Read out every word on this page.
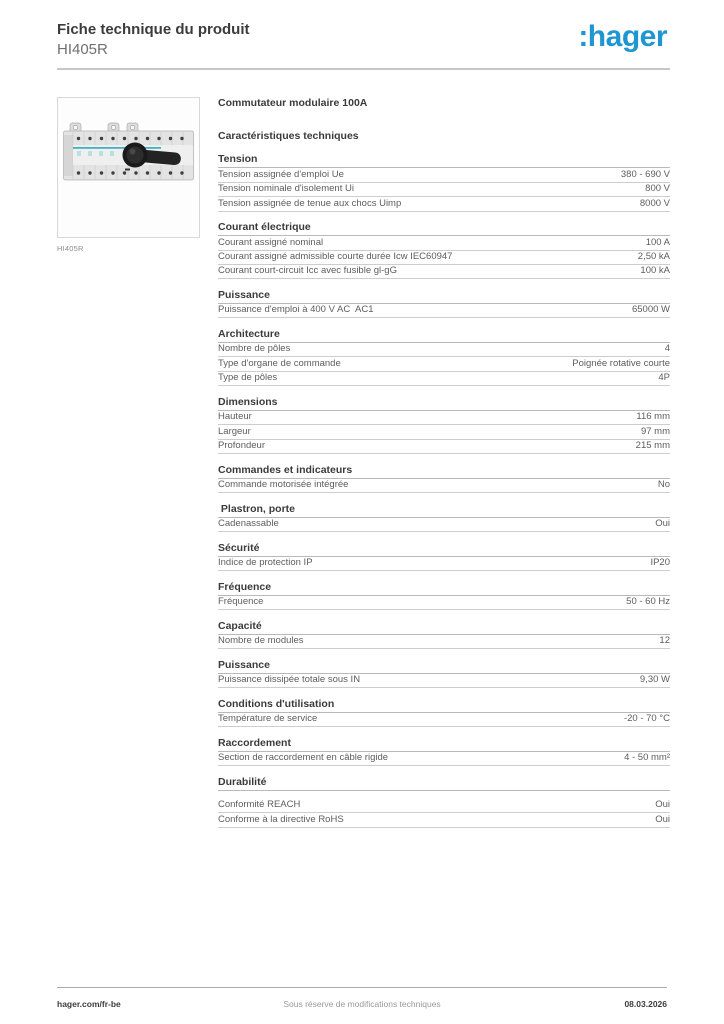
Fiche technique du produit
HI405R	:hager
HI405R
Commutateur modulaire 100A
Caractéristiques techniques
Tension
Tension assignée d'emploi Ue	380 - 690 V
Tension nominale d'isolement Ui	800 V
Tension assignée de tenue aux chocs Uimp	8000 V
Courant électrique
Courant assigné nominal	100 A
Courant assigné admissible courte durée Icw IEC60947	2,50 kA
Courant court-circuit Icc avec fusible gl-gG	100 kA
Puissance
Puissance d'emploi à 400 V AC  AC1	65000 W
Architecture
Nombre de pôles	4
Type d'organe de commande	Poignée rotative courte
Type de pôles	4P
Dimensions
Hauteur	116 mm
Largeur	97 mm
Profondeur	215 mm
Commandes et indicateurs
Commande motorisée intégrée	No
Plastron, porte
Cadenassable	Oui
Sécurité
Indice de protection IP	IP20
Fréquence
Fréquence	50 - 60 Hz
Capacité
Nombre de modules	12
Puissance
Puissance dissipée totale sous IN	9,30 W
Conditions d'utilisation
Température de service	-20 - 70 °C
Raccordement
Section de raccordement en câble rigide	4 - 50 mm²
Durabilité
Conformité REACH	Oui
Conforme à la directive RoHS	Oui
Sous réserve de modifications techniques
hager.com/fr-be	08.03.2026
